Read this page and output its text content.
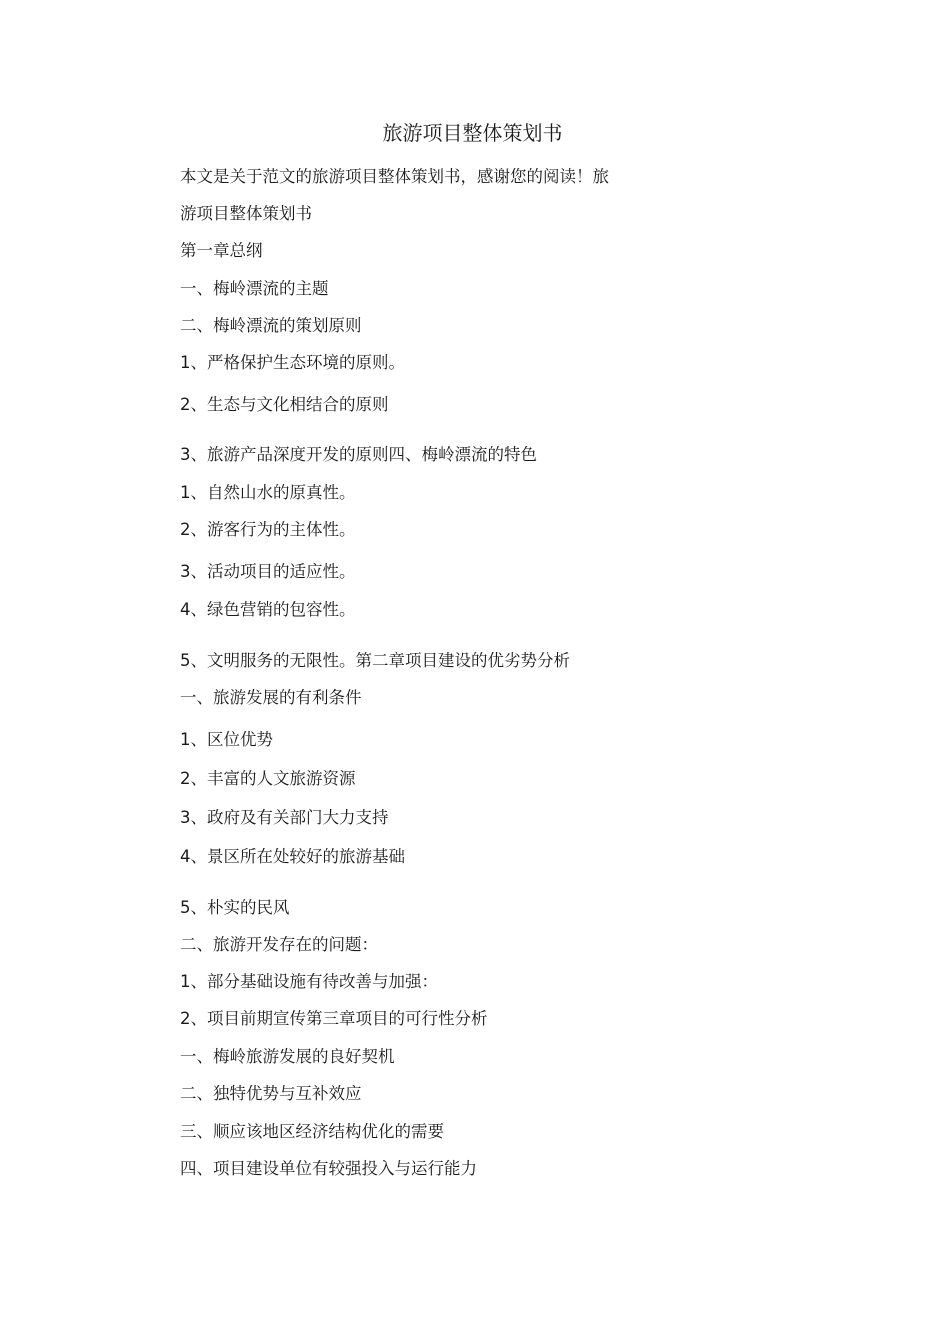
旅游项目整体策划书
本文是关于范文的旅游项目整体策划书，感谢您的阅读！旅
游项目整体策划书
第一章总纲
一、梅岭漂流的主题
二、梅岭漂流的策划原则
1、严格保护生态环境的原则。
2、生态与文化相结合的原则
3、旅游产品深度开发的原则四、梅岭漂流的特色
1、自然山水的原真性。
2、游客行为的主体性。
3、活动项目的适应性。
4、绿色营销的包容性。
5、文明服务的无限性。第二章项目建设的优劣势分析
一、旅游发展的有利条件
1、区位优势
2、丰富的人文旅游资源
3、政府及有关部门大力支持
4、景区所在处较好的旅游基础
5、朴实的民风
二、旅游开发存在的问题：
1、部分基础设施有待改善与加强：
2、项目前期宣传第三章项目的可行性分析
一、梅岭旅游发展的良好契机
二、独特优势与互补效应
三、顺应该地区经济结构优化的需要
四、项目建设单位有较强投入与运行能力
